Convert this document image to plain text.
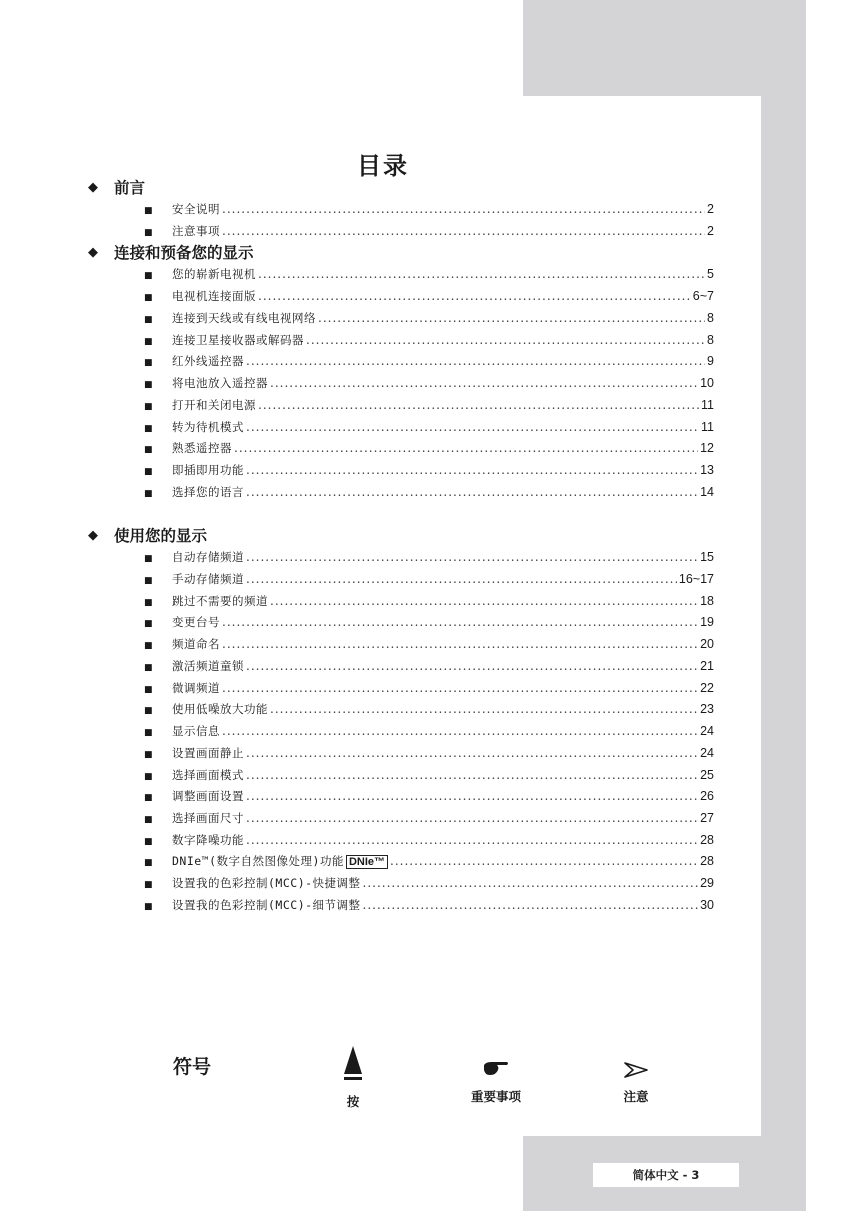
简体中文 - 3
目录
◆	前言
■	安全说明 .....	2
■	注意事项 .....	2
◆	连接和预备您的显示
■	您的崭新电视机 .....	5
■	电视机连接面版 .....	6~7
■	连接到天线或有线电视网络 .....	8
■	连接卫星接收器或解码器 .....	8
■	红外线遥控器 .....	9
■	将电池放入遥控器 .....	10
■	打开和关闭电源 .....	11
■	转为待机模式 .....	11
■	熟悉遥控器 .....	12
■	即插即用功能 .....	13
■	选择您的语言 .....	14
◆	使用您的显示
■	自动存储频道 .....	15
■	手动存储频道 .....	16~17
■	跳过不需要的频道 .....	18
■	变更台号 .....	19
■	频道命名 .....	20
■	激活频道童锁 .....	21
■	微调频道 .....	22
■	使用低噪放大功能 .....	23
■	显示信息 .....	24
■	设置画面静止 .....	24
■	选择画面模式 .....	25
■	调整画面设置 .....	26
■	选择画面尺寸 .....	27
■	数字降噪功能 .....	28
■	DNIe™(数字自然图像处理)功能 DNIe™ .....	28
■	设置我的色彩控制(MCC)-快捷调整 .....	29
■	设置我的色彩控制(MCC)-细节调整 .....	30
符号
按	重要事项	注意
